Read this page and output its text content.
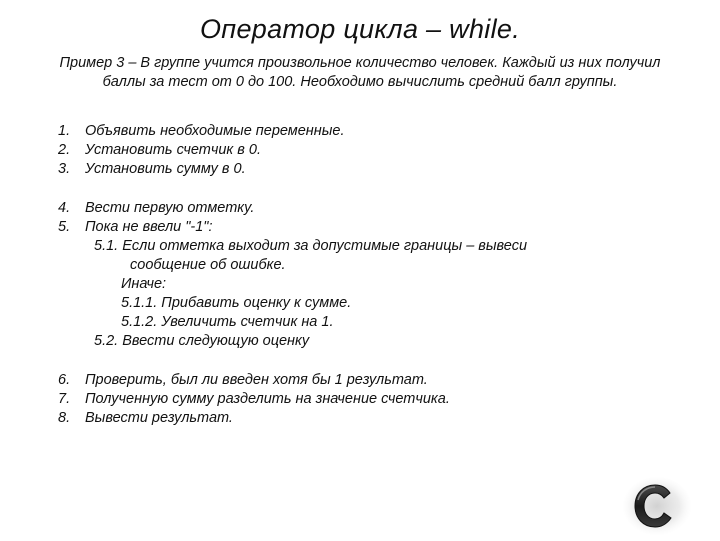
Оператор цикла – while.
Пример 3 – В группе учится произвольное количество человек. Каждый из них получил
баллы за тест от 0 до 100. Необходимо вычислить средний балл группы.
1.	Объявить необходимые переменные.
2.	Установить счетчик в 0.
3.	Установить сумму в 0.
4.	Вести первую отметку.
5.	Пока не ввели "-1":
5.1. Если отметка выходит за допустимые границы – вывеси
сообщение об ошибке.
Иначе:
5.1.1. Прибавить оценку к сумме.
5.1.2. Увеличить счетчик на 1.
5.2. Ввести следующую оценку
6.	Проверить, был ли введен хотя бы 1 результат.
7.	Полученную сумму разделить на значение счетчика.
8.	Вывести результат.
